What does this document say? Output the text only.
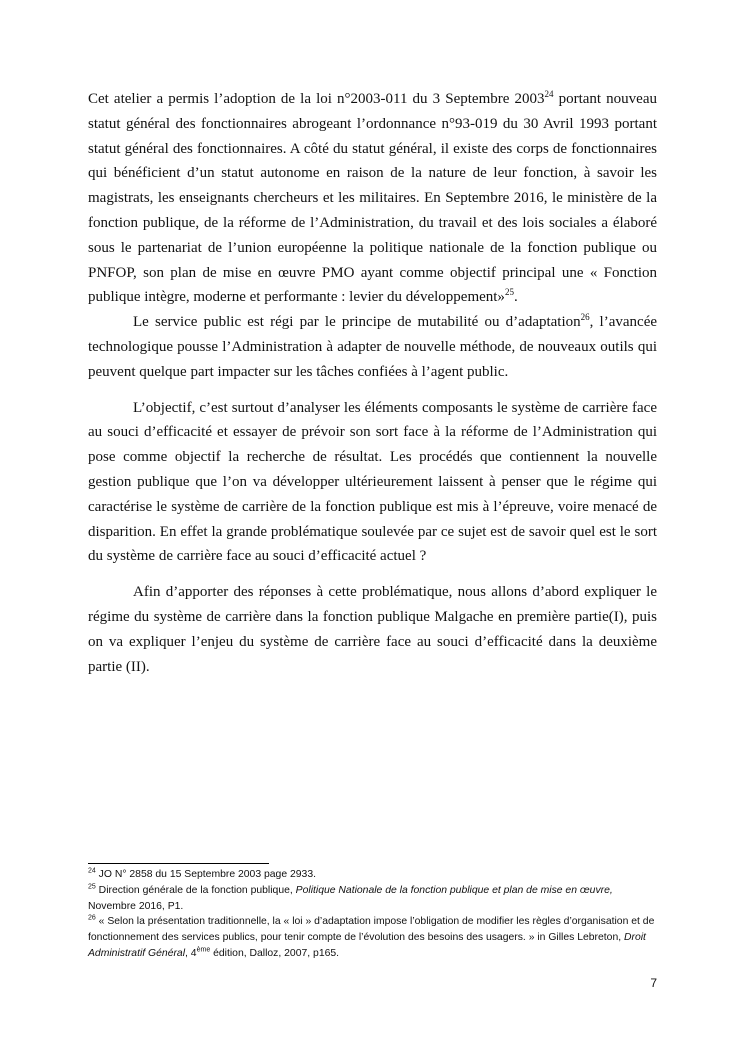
Cet atelier a permis l’adoption de la loi n°2003-011 du 3 Septembre 2003$^{24}$ portant nouveau statut général des fonctionnaires abrogeant l’ordonnance n°93-019 du 30 Avril 1993 portant statut général des fonctionnaires. A côté du statut général, il existe des corps de fonctionnaires qui bénéficient d’un statut autonome en raison de la nature de leur fonction, à savoir les magistrats, les enseignants chercheurs et les militaires. En Septembre 2016, le ministère de la fonction publique, de la réforme de l’Administration, du travail et des lois sociales a élaboré sous le partenariat de l’union européenne la politique nationale de la fonction publique ou PNFOP, son plan de mise en œuvre PMO ayant comme objectif principal une « Fonction publique intègre, moderne et performante : levier du développement»$^{25}$.

Le service public est régi par le principe de mutabilité ou d’adaptation$^{26}$, l’avancée technologique pousse l’Administration à adapter de nouvelle méthode, de nouveaux outils qui peuvent quelque part impacter sur les tâches confiées à l’agent public.

L’objectif, c’est surtout d’analyser les éléments composants le système de carrière face au souci d’efficacité et essayer de prévoir son sort face à la réforme de l’Administration qui pose comme objectif la recherche de résultat. Les procédés que contiennent la nouvelle gestion publique que l’on va développer ultérieurement laissent à penser que le régime qui caractérise le système de carrière de la fonction publique est mis à l’épreuve, voire menacé de disparition. En effet la grande problématique soulevée par ce sujet est de savoir quel est le sort du système de carrière face au souci d’efficacité actuel ?

Afin d’apporter des réponses à cette problématique, nous allons d’abord expliquer le régime du système de carrière dans la fonction publique Malgache en première partie(I), puis on va expliquer l’enjeu du système de carrière face au souci d’efficacité dans la deuxième partie (II).

$^{24}$ JO N° 2858 du 15 Septembre 2003 page 2933.

$^{25}$ Direction générale de la fonction publique, Politique Nationale de la fonction publique et plan de mise en œuvre, Novembre 2016, P1.

$^{26}$ « Selon la présentation traditionnelle, la « loi » d’adaptation impose l’obligation de modifier les règles d’organisation et de fonctionnement des services publics, pour tenir compte de l’évolution des besoins des usagers. » in Gilles Lebreton, Droit Administratif Général, 4ème édition, Dalloz, 2007, p165.

7
